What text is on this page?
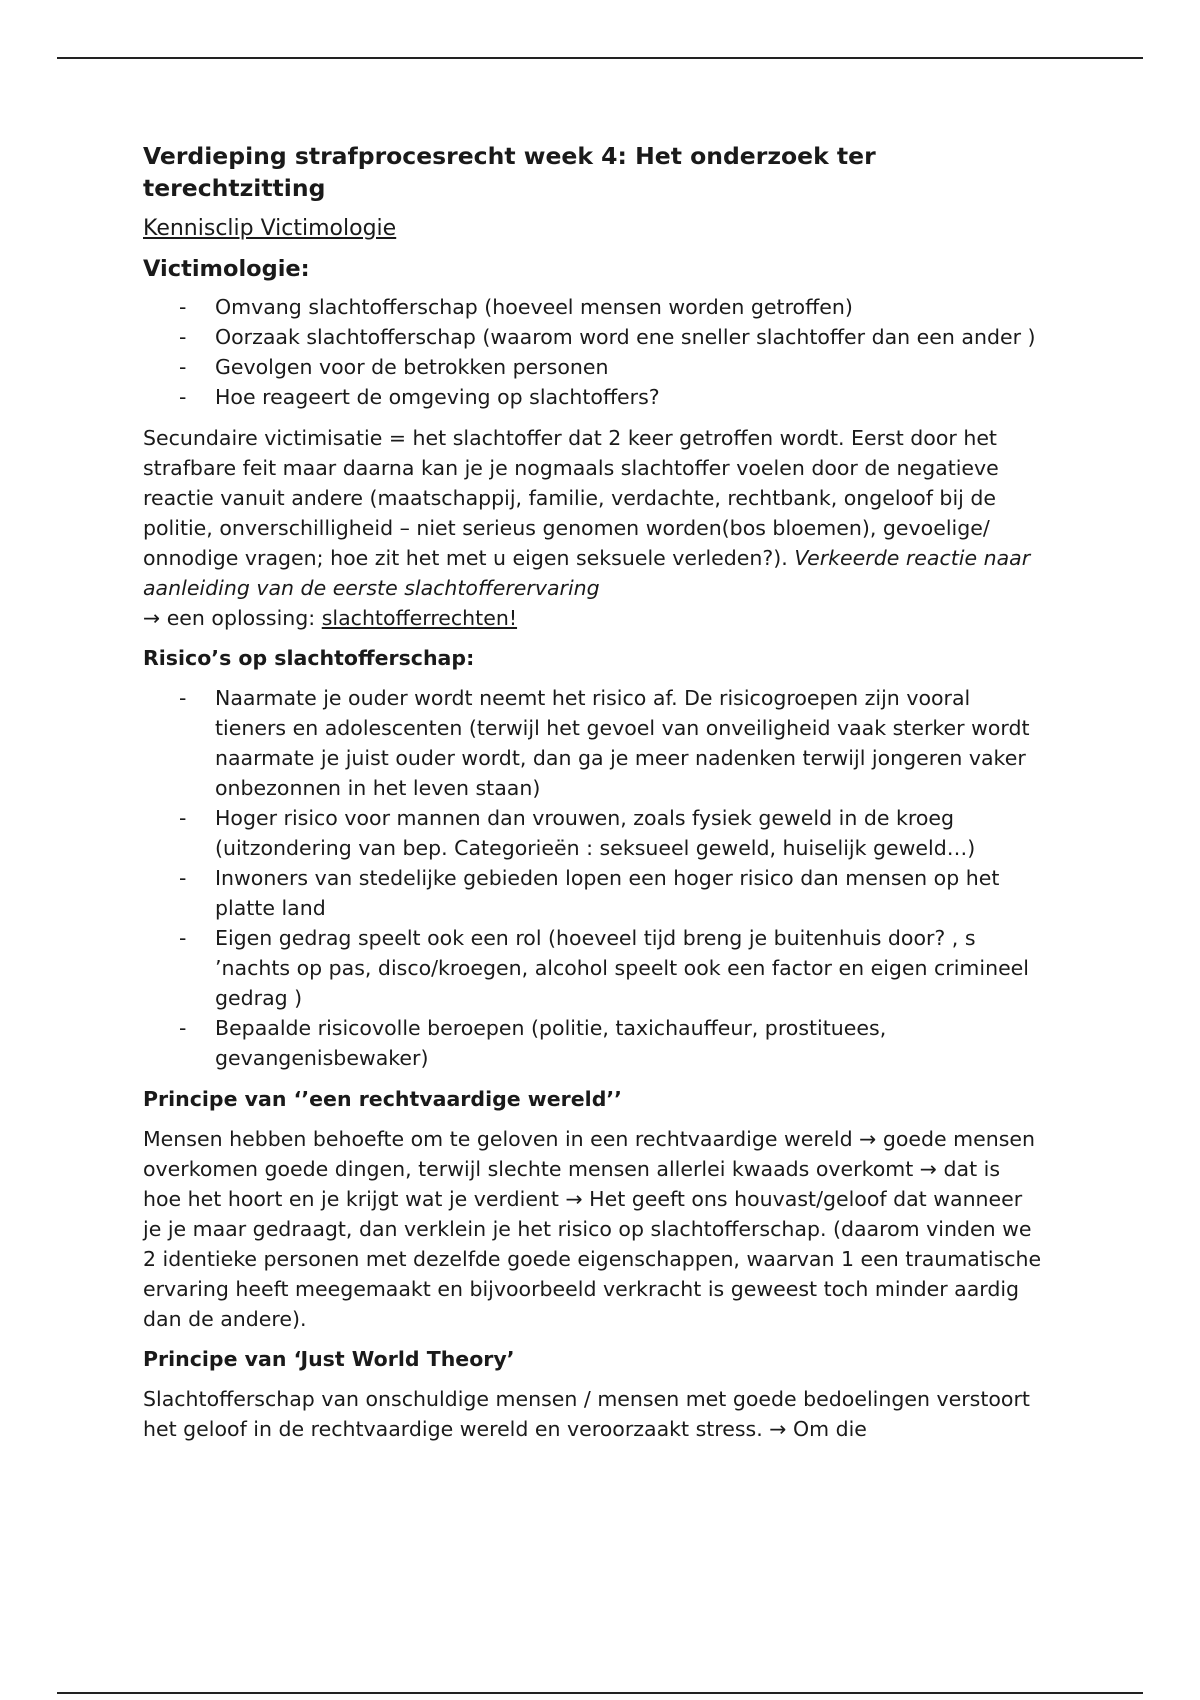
Verdieping strafprocesrecht week 4: Het onderzoek ter terechtzitting
Kennisclip Victimologie
Victimologie:
- Omvang slachtofferschap (hoeveel mensen worden getroffen)
- Oorzaak slachtofferschap (waarom word ene sneller slachtoffer dan een ander )
- Gevolgen voor de betrokken personen
- Hoe reageert de omgeving op slachtoffers?

Secundaire victimisatie = het slachtoffer dat 2 keer getroffen wordt. Eerst door het strafbare feit maar daarna kan je je nogmaals slachtoffer voelen door de negatieve reactie vanuit andere (maatschappij, familie, verdachte, rechtbank, ongeloof bij de politie, onverschilligheid – niet serieus genomen worden(bos bloemen), gevoelige/ onnodige vragen; hoe zit het met u eigen seksuele verleden?). Verkeerde reactie naar aanleiding van de eerste slachtofferervaring
→ een oplossing: slachtofferrechten!

Risico’s op slachtofferschap:
- Naarmate je ouder wordt neemt het risico af. De risicogroepen zijn vooral tieners en adolescenten (terwijl het gevoel van onveiligheid vaak sterker wordt naarmate je juist ouder wordt, dan ga je meer nadenken terwijl jongeren vaker onbezonnen in het leven staan)
- Hoger risico voor mannen dan vrouwen, zoals fysiek geweld in de kroeg (uitzondering van bep. Categorieën : seksueel geweld, huiselijk geweld…)
- Inwoners van stedelijke gebieden lopen een hoger risico dan mensen op het platte land
- Eigen gedrag speelt ook een rol (hoeveel tijd breng je buitenhuis door? , s ’nachts op pas, disco/kroegen, alcohol speelt ook een factor en eigen crimineel gedrag )
- Bepaalde risicovolle beroepen (politie, taxichauffeur, prostituees, gevangenisbewaker)
Principe van ‘’een rechtvaardige wereld’’

Mensen hebben behoefte om te geloven in een rechtvaardige wereld → goede mensen overkomen goede dingen, terwijl slechte mensen allerlei kwaads overkomt → dat is hoe het hoort en je krijgt wat je verdient → Het geeft ons houvast/geloof dat wanneer je je maar gedraagt, dan verklein je het risico op slachtofferschap. (daarom vinden we 2 identieke personen met dezelfde goede eigenschappen, waarvan 1 een traumatische ervaring heeft meegemaakt en bijvoorbeeld verkracht is geweest toch minder aardig dan de andere).

Principe van ‘Just World Theory’

Slachtofferschap van onschuldige mensen / mensen met goede bedoelingen verstoort het geloof in de rechtvaardige wereld en veroorzaakt stress. → Om die
